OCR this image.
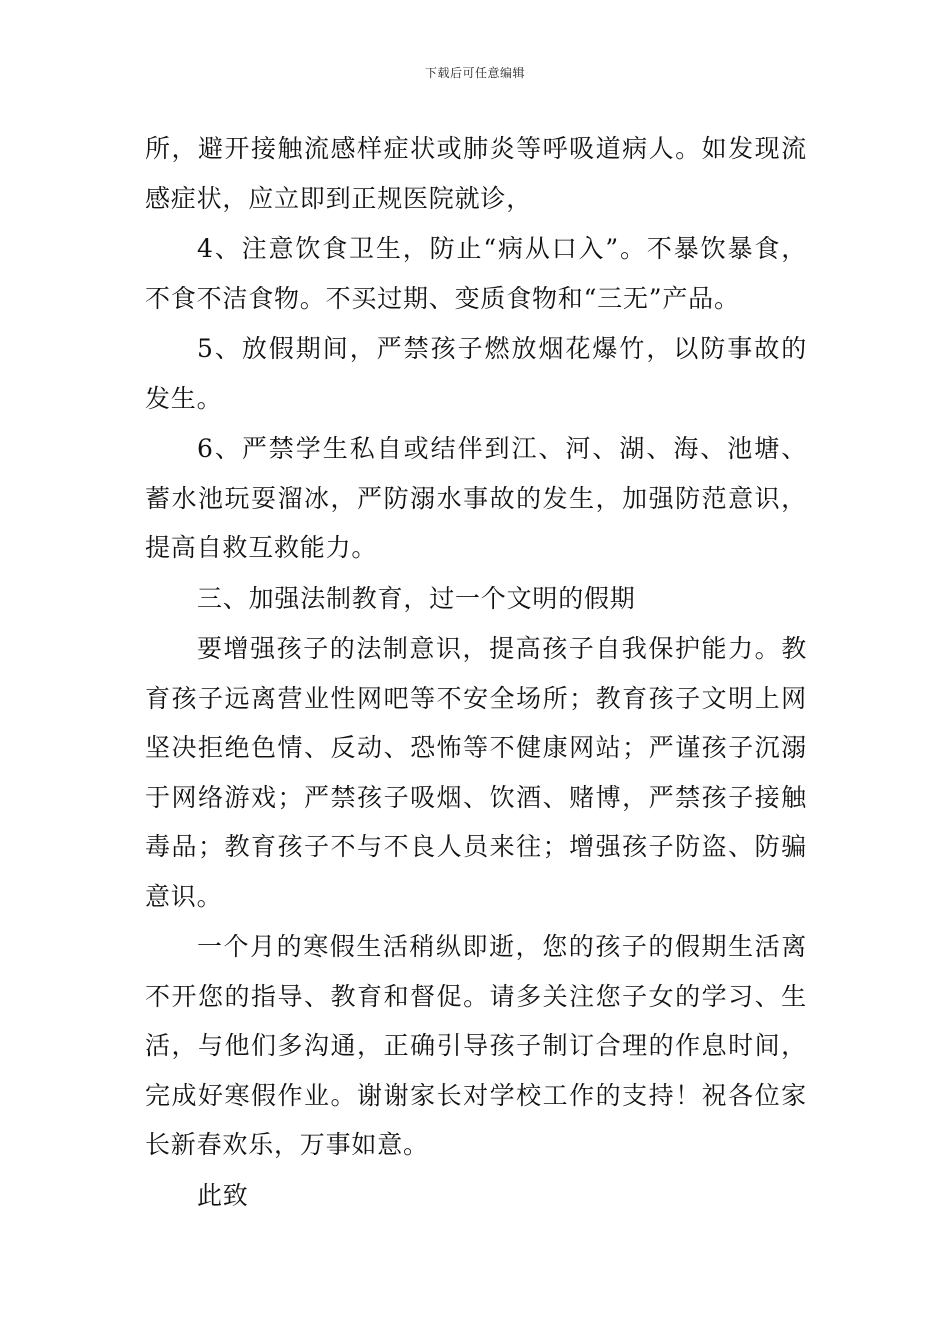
下载后可任意编辑

所，避开接触流感样症状或肺炎等呼吸道病人。如发现流感症状，应立即到正规医院就诊，

4、注意饮食卫生，防止“病从口入”。不暴饮暴食，不食不洁食物。不买过期、变质食物和“三无”产品。

5、放假期间，严禁孩子燃放烟花爆竹，以防事故的发生。

6、严禁学生私自或结伴到江、河、湖、海、池塘、蓄水池玩耍溜冰，严防溺水事故的发生，加强防范意识，提高自救互救能力。

三、加强法制教育，过一个文明的假期

要增强孩子的法制意识，提高孩子自我保护能力。教育孩子远离营业性网吧等不安全场所；教育孩子文明上网坚决拒绝色情、反动、恐怖等不健康网站；严谨孩子沉溺于网络游戏；严禁孩子吸烟、饮酒、赌博，严禁孩子接触毒品；教育孩子不与不良人员来往；增强孩子防盗、防骗意识。

一个月的寒假生活稍纵即逝，您的孩子的假期生活离不开您的指导、教育和督促。请多关注您子女的学习、生活，与他们多沟通，正确引导孩子制订合理的作息时间，完成好寒假作业。谢谢家长对学校工作的支持！祝各位家长新春欢乐，万事如意。

此致
